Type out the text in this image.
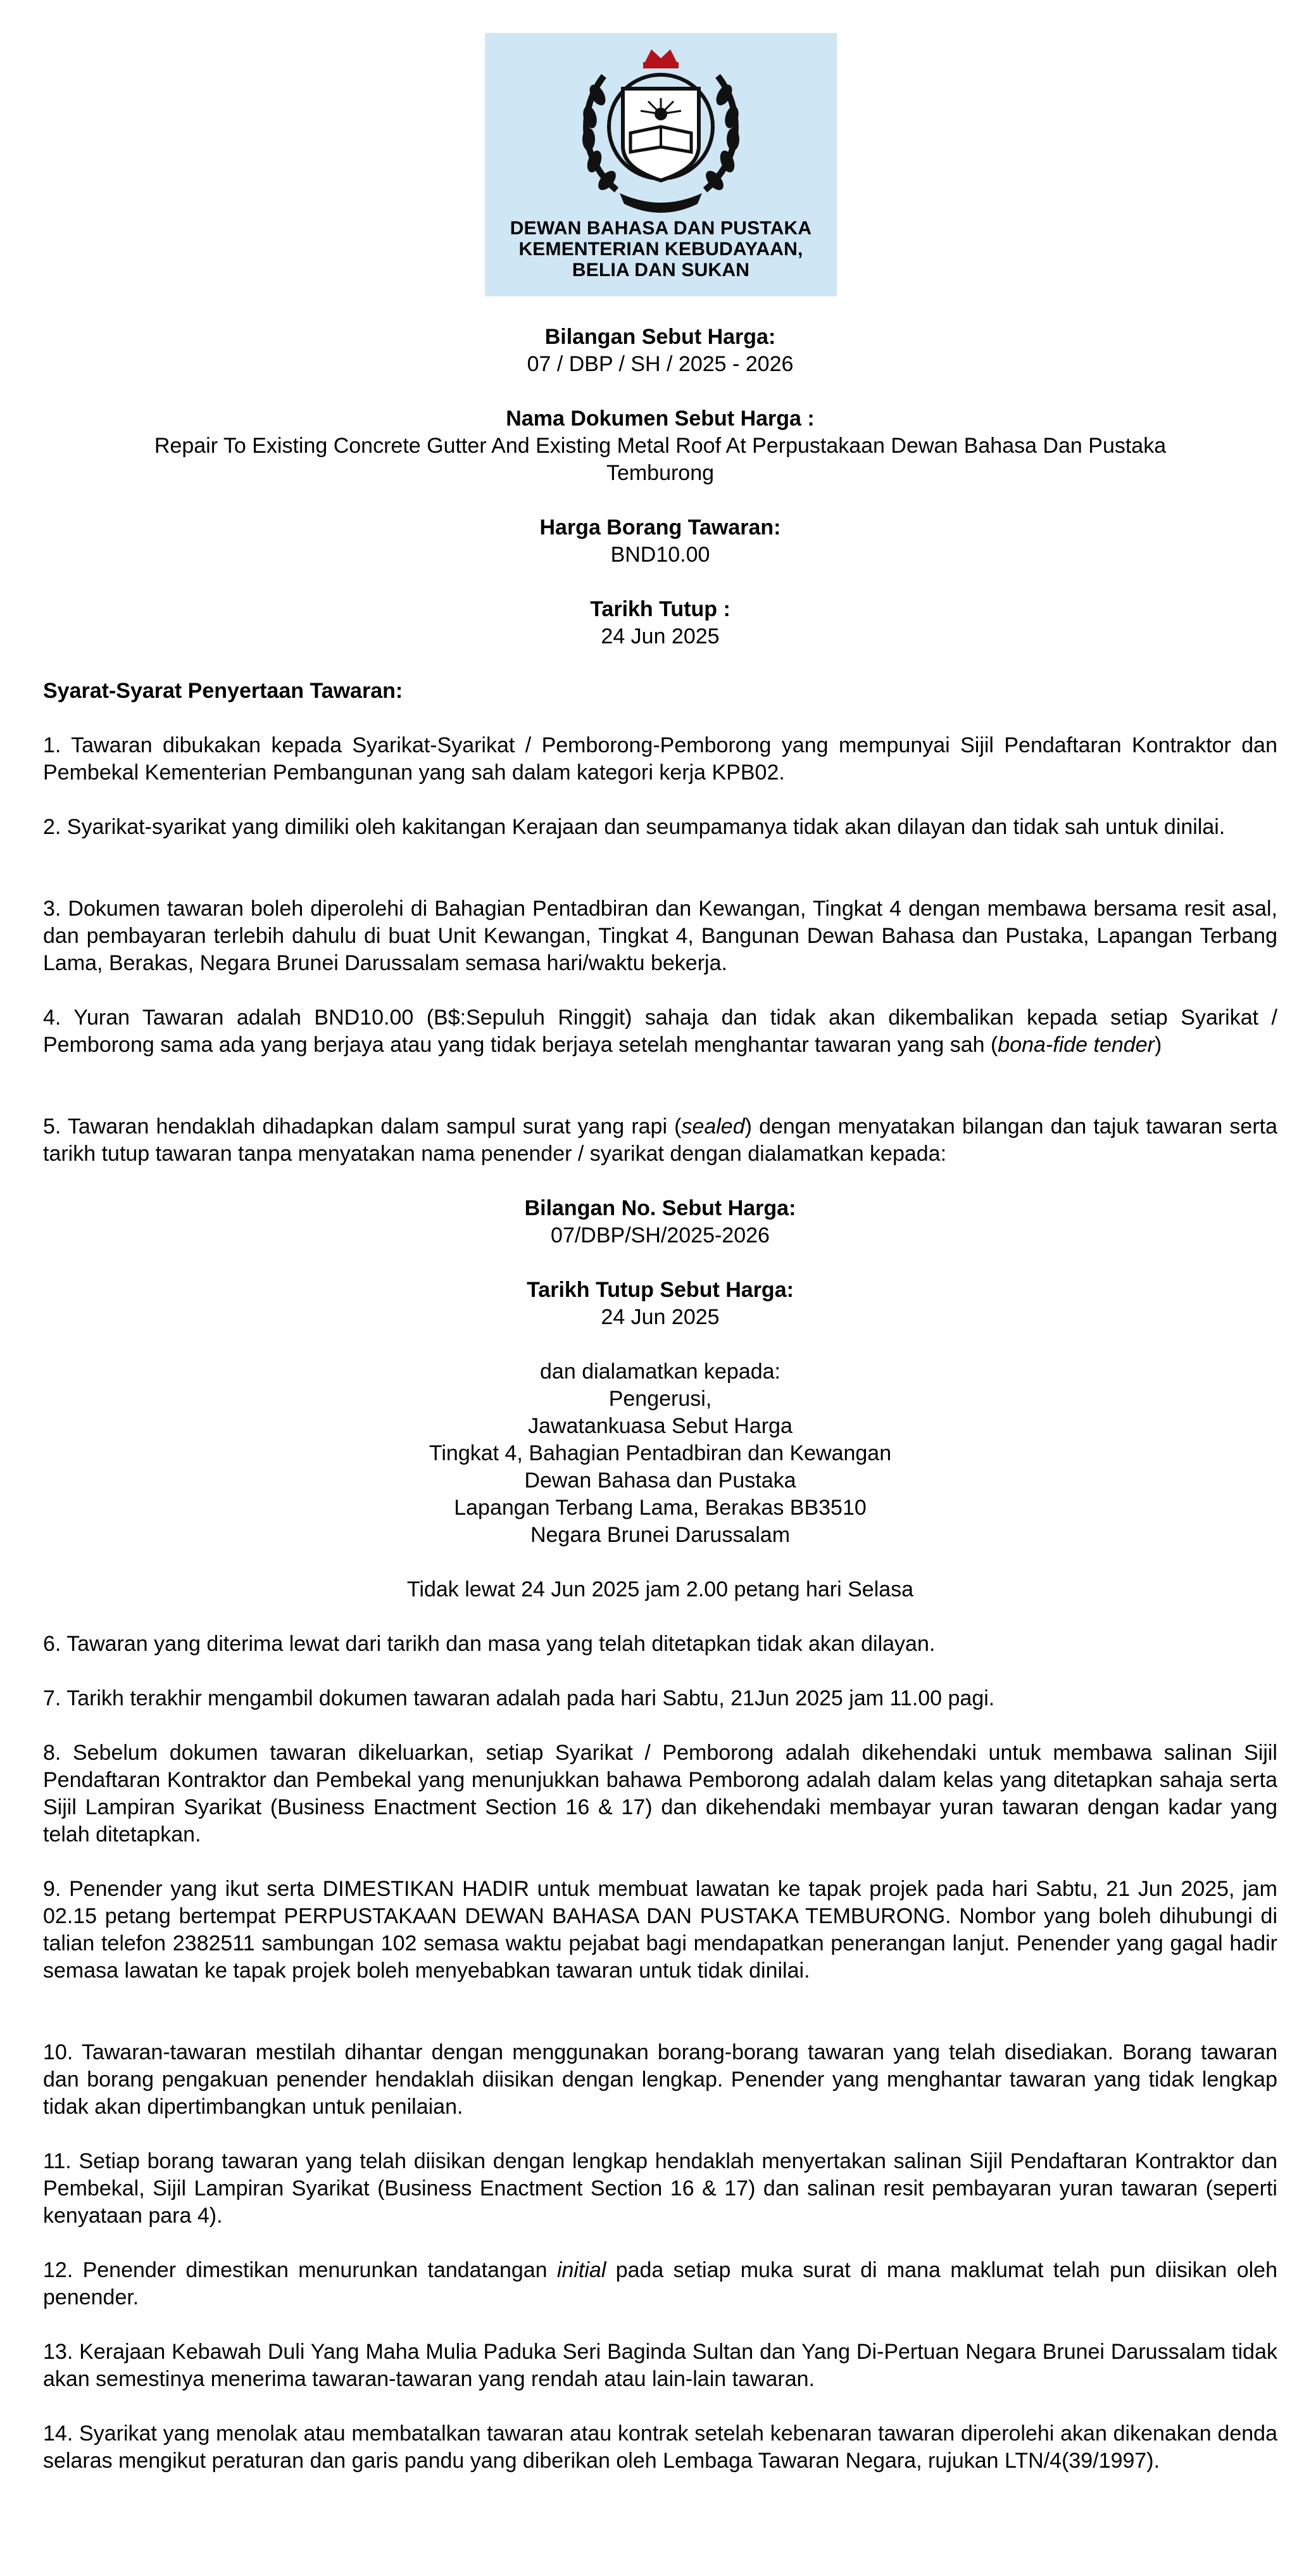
DEWAN BAHASA DAN PUSTAKA
KEMENTERIAN KEBUDAYAAN,
BELIA DAN SUKAN

Bilangan Sebut Harga:

07 / DBP / SH / 2025 - 2026

Nama Dokumen Sebut Harga :

Repair To Existing Concrete Gutter And Existing Metal Roof At Perpustakaan Dewan Bahasa Dan Pustaka Temburong

Harga Borang Tawaran:

BND10.00

Tarikh Tutup :

24 Jun 2025

Syarat-Syarat Penyertaan Tawaran:
1. Tawaran dibukakan kepada Syarikat-Syarikat / Pemborong-Pemborong yang mempunyai Sijil Pendaftaran Kontraktor dan Pembekal Kementerian Pembangunan yang sah dalam kategori kerja KPB02.
2. Syarikat-syarikat yang dimiliki oleh kakitangan Kerajaan dan seumpamanya tidak akan dilayan dan tidak sah untuk dinilai.
3. Dokumen tawaran boleh diperolehi di Bahagian Pentadbiran dan Kewangan, Tingkat 4 dengan membawa bersama resit asal, dan pembayaran terlebih dahulu di buat Unit Kewangan, Tingkat 4, Bangunan Dewan Bahasa dan Pustaka, Lapangan Terbang Lama, Berakas, Negara Brunei Darussalam semasa hari/waktu bekerja.
4. Yuran Tawaran adalah BND10.00 (B$:Sepuluh Ringgit) sahaja dan tidak akan dikembalikan kepada setiap Syarikat / Pemborong sama ada yang berjaya atau yang tidak berjaya setelah menghantar tawaran yang sah (bona-fide tender)
5. Tawaran hendaklah dihadapkan dalam sampul surat yang rapi (sealed) dengan menyatakan bilangan dan tajuk tawaran serta tarikh tutup tawaran tanpa menyatakan nama penender / syarikat dengan dialamatkan kepada:

Bilangan No. Sebut Harga:

07/DBP/SH/2025-2026

Tarikh Tutup Sebut Harga:

24 Jun 2025

dan dialamatkan kepada:

Pengerusi,

Jawatankuasa Sebut Harga

Tingkat 4, Bahagian Pentadbiran dan Kewangan

Dewan Bahasa dan Pustaka

Lapangan Terbang Lama, Berakas BB3510

Negara Brunei Darussalam

Tidak lewat 24 Jun 2025 jam 2.00 petang hari Selasa
6. Tawaran yang diterima lewat dari tarikh dan masa yang telah ditetapkan tidak akan dilayan.
7. Tarikh terakhir mengambil dokumen tawaran adalah pada hari Sabtu, 21Jun 2025 jam 11.00 pagi.
8. Sebelum dokumen tawaran dikeluarkan, setiap Syarikat / Pemborong adalah dikehendaki untuk membawa salinan Sijil Pendaftaran Kontraktor dan Pembekal yang menunjukkan bahawa Pemborong adalah dalam kelas yang ditetapkan sahaja serta Sijil Lampiran Syarikat (Business Enactment Section 16 & 17) dan dikehendaki membayar yuran tawaran dengan kadar yang telah ditetapkan.
9. Penender yang ikut serta DIMESTIKAN HADIR untuk membuat lawatan ke tapak projek pada hari Sabtu, 21 Jun 2025, jam 02.15 petang bertempat PERPUSTAKAAN DEWAN BAHASA DAN PUSTAKA TEMBURONG. Nombor yang boleh dihubungi di talian telefon 2382511 sambungan 102 semasa waktu pejabat bagi mendapatkan penerangan lanjut. Penender yang gagal hadir semasa lawatan ke tapak projek boleh menyebabkan tawaran untuk tidak dinilai.
10. Tawaran-tawaran mestilah dihantar dengan menggunakan borang-borang tawaran yang telah disediakan. Borang tawaran dan borang pengakuan penender hendaklah diisikan dengan lengkap. Penender yang menghantar tawaran yang tidak lengkap tidak akan dipertimbangkan untuk penilaian.
11. Setiap borang tawaran yang telah diisikan dengan lengkap hendaklah menyertakan salinan Sijil Pendaftaran Kontraktor dan Pembekal, Sijil Lampiran Syarikat (Business Enactment Section 16 & 17) dan salinan resit pembayaran yuran tawaran (seperti kenyataan para 4).
12. Penender dimestikan menurunkan tandatangan initial pada setiap muka surat di mana maklumat telah pun diisikan oleh penender.
13. Kerajaan Kebawah Duli Yang Maha Mulia Paduka Seri Baginda Sultan dan Yang Di-Pertuan Negara Brunei Darussalam tidak akan semestinya menerima tawaran-tawaran yang rendah atau lain-lain tawaran.
14. Syarikat yang menolak atau membatalkan tawaran atau kontrak setelah kebenaran tawaran diperolehi akan dikenakan denda selaras mengikut peraturan dan garis pandu yang diberikan oleh Lembaga Tawaran Negara, rujukan LTN/4(39/1997).
